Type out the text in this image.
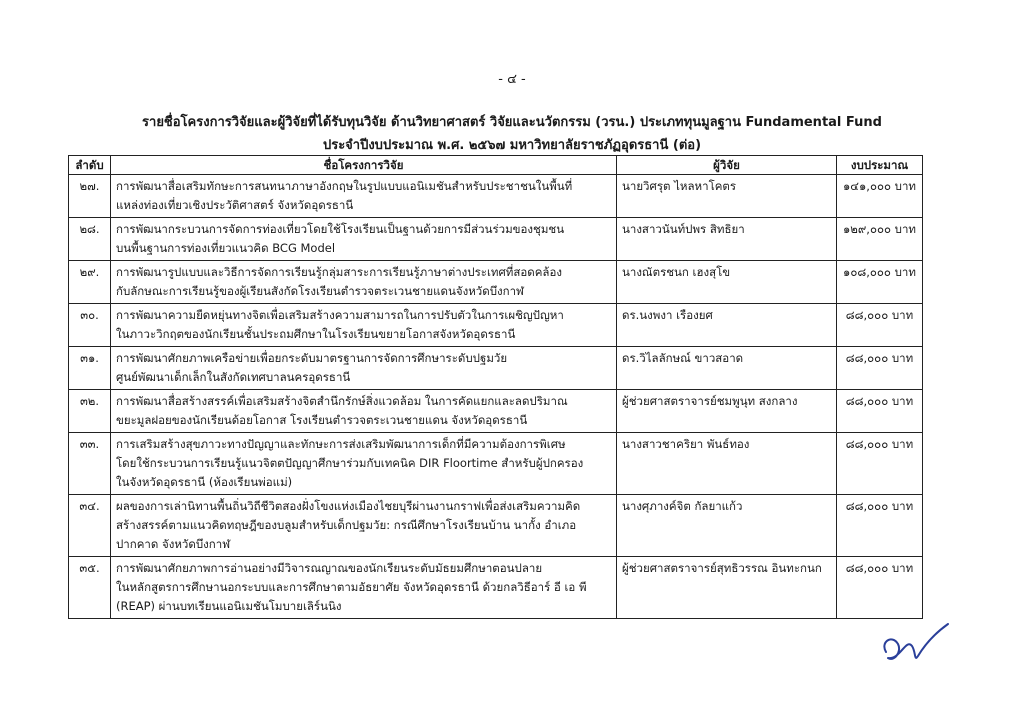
- ๔ -
รายชื่อโครงการวิจัยและผู้วิจัยที่ได้รับทุนวิจัย ด้านวิทยาศาสตร์ วิจัยและนวัตกรรม (วรน.) ประเภททุนมูลฐาน Fundamental Fund
ประจำปีงบประมาณ พ.ศ. ๒๕๖๗ มหาวิทยาลัยราชภัฏอุดรธานี (ต่อ)
ลำดับ	ชื่อโครงการวิจัย	ผู้วิจัย	งบประมาณ
๒๗.	การพัฒนาสื่อเสริมทักษะการสนทนาภาษาอังกฤษในรูปแบบแอนิเมชันสำหรับประชาชนในพื้นที่
แหล่งท่องเที่ยวเชิงประวัติศาสตร์ จังหวัดอุดรธานี	นายวิศรุต ไหลหาโคตร	๑๔๑,๐๐๐ บาท
๒๘.	การพัฒนากระบวนการจัดการท่องเที่ยวโดยใช้โรงเรียนเป็นฐานด้วยการมีส่วนร่วมของชุมชน
บนพื้นฐานการท่องเที่ยวแนวคิด BCG Model	นางสาวนันท์ปพร สิทธิยา	๑๒๙,๐๐๐ บาท
๒๙.	การพัฒนารูปแบบและวิธีการจัดการเรียนรู้กลุ่มสาระการเรียนรู้ภาษาต่างประเทศที่สอดคล้อง
กับลักษณะการเรียนรู้ของผู้เรียนสังกัดโรงเรียนตำรวจตระเวนชายแดนจังหวัดบึงกาฬ	นางณัตรชนก เฮงสุโข	๑๐๘,๐๐๐ บาท
๓๐.	การพัฒนาความยืดหยุ่นทางจิตเพื่อเสริมสร้างความสามารถในการปรับตัวในการเผชิญปัญหา
ในภาวะวิกฤตของนักเรียนชั้นประถมศึกษาในโรงเรียนขยายโอกาสจังหวัดอุดรธานี	ดร.นงพงา เรืองยศ	๘๘,๐๐๐ บาท
๓๑.	การพัฒนาศักยภาพเครือข่ายเพื่อยกระดับมาตรฐานการจัดการศึกษาระดับปฐมวัย
ศูนย์พัฒนาเด็กเล็กในสังกัดเทศบาลนครอุดรธานี	ดร.วิไลลักษณ์ ขาวสอาด	๘๘,๐๐๐ บาท
๓๒.	การพัฒนาสื่อสร้างสรรค์เพื่อเสริมสร้างจิตสำนึกรักษ์สิ่งแวดล้อม ในการคัดแยกและลดปริมาณ
ขยะมูลฝอยของนักเรียนด้อยโอกาส โรงเรียนตำรวจตระเวนชายแดน จังหวัดอุดรธานี	ผู้ช่วยศาสตราจารย์ชมพูนุท สงกลาง	๘๘,๐๐๐ บาท
๓๓.	การเสริมสร้างสุขภาวะทางปัญญาและทักษะการส่งเสริมพัฒนาการเด็กที่มีความต้องการพิเศษ
โดยใช้กระบวนการเรียนรู้แนวจิตตปัญญาศึกษาร่วมกับเทคนิค DIR Floortime สำหรับผู้ปกครอง
ในจังหวัดอุดรธานี (ห้องเรียนพ่อแม่)	นางสาวชาคริยา พันธ์ทอง	๘๘,๐๐๐ บาท
๓๔.	ผลของการเล่านิทานพื้นถิ่นวิถีชีวิตสองฝั่งโขงแห่งเมืองไชยบุรีผ่านงานกราฟเพื่อส่งเสริมความคิด
สร้างสรรค์ตามแนวคิดทฤษฎีของบลูมสำหรับเด็กปฐมวัย: กรณีศึกษาโรงเรียนบ้าน นากั้ง อำเภอ
ปากคาด จังหวัดบึงกาฬ	นางศุภางค์จิต กัลยาแก้ว	๘๘,๐๐๐ บาท
๓๕.	การพัฒนาศักยภาพการอ่านอย่างมีวิจารณญาณของนักเรียนระดับมัธยมศึกษาตอนปลาย
ในหลักสูตรการศึกษานอกระบบและการศึกษาตามอัธยาศัย จังหวัดอุดรธานี ด้วยกลวิธีอาร์ อี เอ พี
(REAP) ผ่านบทเรียนแอนิเมชันโมบายเลิร์นนิง	ผู้ช่วยศาสตราจารย์สุทธิวรรณ อินทะกนก	๘๘,๐๐๐ บาท
